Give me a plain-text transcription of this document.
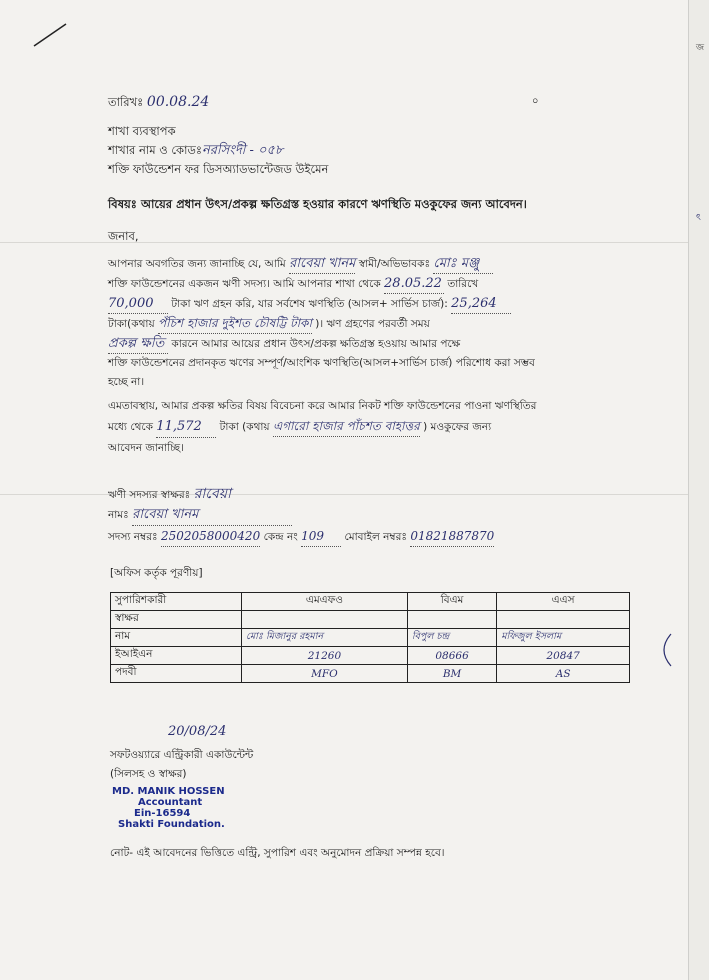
জ
ৎ
তারিখঃ 00.08.24	০
শাখা ব্যবস্থাপক
শাখার নাম ও কোডঃনরসিংদী - ০৫৮
শক্তি ফাউন্ডেশন ফর ডিসঅ্যাডভান্টেজড উইমেন
বিষয়ঃ আয়ের প্রধান উৎস/প্রকল্প ক্ষতিগ্রস্ত হওয়ার কারণে ঋণস্থিতি মওকুফের জন্য আবেদন।
জনাব,
আপনার অবগতির জন্য জানাচ্ছি যে, আমি রাবেয়া খানম স্বামী/অভিভাবকঃ মোঃ মঞ্জু
শক্তি ফাউন্ডেশনের একজন ঋণী সদস্য। আমি আপনার শাখা থেকে 28.05.22 তারিখে
70,000 টাকা ঋণ গ্রহন করি, যার সর্বশেষ ঋণস্থিতি (আসল+ সার্ভিস চার্জ): 25,264
টাকা(কথায় পঁচিশ হাজার দুইশত চৌষট্টি টাকা )। ঋণ গ্রহণের পরবর্তী সময়
প্রকল্প ক্ষতি কারনে আমার আয়ের প্রধান উৎস/প্রকল্প ক্ষতিগ্রস্ত হওয়ায় আমার পক্ষে
শক্তি ফাউন্ডেশনের প্রদানকৃত ঋণের সম্পূর্ণ/আংশিক ঋণস্থিতি(আসল+সার্ভিস চার্জ) পরিশোধ করা সম্ভব
হচ্ছে না।
এমতাবস্থায়, আমার প্রকল্প ক্ষতির বিষয় বিবেচনা করে আমার নিকট শক্তি ফাউন্ডেশনের পাওনা ঋণস্থিতির
মধ্যে থেকে 11,572 টাকা (কথায় এগারো হাজার পাঁচশত বাহাত্তর ) মওকুফের জন্য
আবেদন জানাচ্ছি।
ঋণী সদস্যর স্বাক্ষরঃ রাবেয়া
নামঃ রাবেয়া খানম
সদস্য নম্বরঃ 2502058000420 কেন্দ্র নং 109 মোবাইল নম্বরঃ 01821887870
[অফিস কর্তৃক পূরণীয়]
সুপারিশকারী	এমএফও	বিএম	এএস
স্বাক্ষর			
নাম	মোঃ মিজানুর রহমান	বিপুল চন্দ্র	মফিজুল ইসলাম
ইআইএন	21260	08666	20847
পদবী	MFO	BM	AS
20/08/24
সফটওয়্যারে এন্ট্রিকারী একাউন্টেন্ট
(সিলসহ ও স্বাক্ষর)
MD. MANIK HOSSEN
Accountant
Ein-16594
Shakti Foundation.
নোট- এই আবেদনের ভিত্তিতে এন্ট্রি, সুপারিশ এবং অনুমোদন প্রক্রিয়া সম্পন্ন হবে।
